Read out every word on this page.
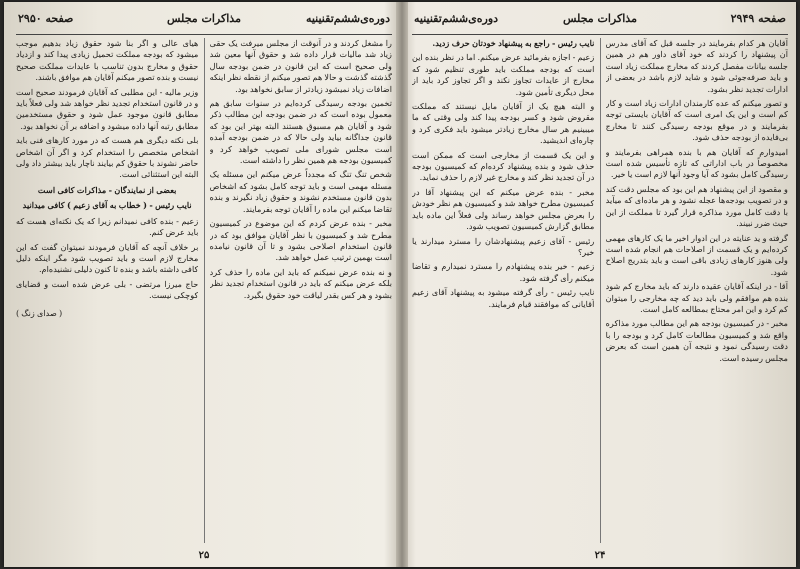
دوره‌ی‌ششم‌تقنینیه
مذاکرات مجلس
صفحه ۲۹۵۰

را مشغل کردند و در آنوقت از مجلس میرفت یک حقی زیاد شد مالیات قرار داده شد و حقوق آنها معین شد ولی صحیح است که این قانون در ضمن بودجه سال گذشته گذشت و حالا هم تصور میکنم از نقطه نظر اینکه اضافات زیاد نمیشود زیادتر از سابق نخواهد بود.

تخمین بودجه رسیدگی کرده‌ایم در سنوات سابق هم معمول بوده است که در ضمن بودجه این مطالب ذکر شود و آقایان هم مسبوق هستند البته بهتر این بود که قانون جداگانه بیاید ولی حالا که در ضمن بودجه آمده است مجلس شورای ملی تصویب خواهد کرد و کمیسیون بودجه هم همین نظر را داشته است.

شخص تنگ تنگ که مجدداً عرض میکنم این مسئله یک مسئله مهمی است و باید توجه کامل بشود که اشخاص بدون قانون مستخدم نشوند و حقوق زیاد نگیرند و بنده تقاضا میکنم این ماده را آقایان توجه بفرمایند.

مخبر - بنده عرض کردم که این موضوع در کمیسیون مطرح شد و کمیسیون با نظر آقایان موافق بود که در قانون استخدام اصلاحی بشود و تا آن قانون نیامده است بهمین ترتیب عمل خواهد شد.

و نه بنده عرض نمیکنم که باید این ماده را حذف کرد بلکه عرض میکنم که باید در قانون استخدام تجدید نظر بشود و هر کس بقدر لیاقت خود حقوق بگیرد.

هیای عالی و اگر بنا شود حقوق زیاد بدهیم موجب میشود که بودجه مملکت تحمیل زیادی پیدا کند و ازدیاد حقوق و مخارج بدون تناسب با عایدات مملکت صحیح نیست و بنده تصور میکنم آقایان هم موافق باشند.

وزیر مالیه - این مطلبی که آقایان فرمودند صحیح است و در قانون استخدام تجدید نظر خواهد شد ولی فعلاً باید مطابق قانون موجود عمل شود و حقوق مستخدمین مطابق رتبه آنها داده میشود و اضافه بر آن نخواهد بود.

بلی نکته دیگری هم هست که در مورد کارهای فنی باید اشخاص متخصص را استخدام کرد و اگر آن اشخاص حاضر نشوند با حقوق کم بیایند ناچار باید بیشتر داد ولی البته این استثنائی است.

بعضی از نمایندگان - مذاکرات کافی است

نایب رئیس - ( خطاب به آقای زعیم ) کافی میدانید

زعیم - بنده کافی نمیدانم زیرا که یک نکته‌ای هست که باید عرض کنم.

بر خلاف آنچه که آقایان فرمودند نمیتوان گفت که این مخارج لازم است و باید تصویب شود مگر اینکه دلیل کافی داشته باشد و بنده تا کنون دلیلی نشنیده‌ام.

حاج میرزا مرتضی - بلی عرض شده است و قضایای کوچکی نیست.

( صدای زنگ )

۲۵
دوره‌ی‌ششم‌تقنینیه	مذاکرات مجلس	صفحه ۲۹۴۹

آقایان هر کدام بفرمایند در جلسه قبل که آقای مدرس آن پیشنهاد را کردند که خود آقای داور هم در همین جلسه بیانات مفصل کردند که مخارج مملکت زیاد است و باید صرفه‌جوئی شود و شاید لازم باشد در بعضی از ادارات تجدید نظر بشود.

و تصور میکنم که عده کارمندان ادارات زیاد است و کار کم است و این یک امری است که آقایان بایستی توجه بفرمایند و در موقع بودجه رسیدگی کنند تا مخارج بی‌فایده از بودجه حذف شود.

امیدوارم که آقایان هم با بنده همراهی بفرمایند و مخصوصاً در باب اداراتی که تازه تأسیس شده است رسیدگی کامل بشود که آیا وجود آنها لازم است یا خیر.

و مقصود از این پیشنهاد هم این بود که مجلس دقت کند و در تصویب بودجه‌ها عجله نشود و هر ماده‌ای که میآید با دقت کامل مورد مذاکره قرار گیرد تا مملکت از این حیث ضرر نبیند.

گرفته و ید عنایته در این ادوار اخیر ما یک کارهای مهمی کرده‌ایم و یک قسمت از اصلاحات هم انجام شده است ولی هنوز کارهای زیادی باقی است و باید بتدریج اصلاح شود.

آقا - در اینکه آقایان عقیده دارند که باید مخارج کم شود بنده هم موافقم ولی باید دید که چه مخارجی را میتوان کم کرد و این امر محتاج بمطالعه کامل است.

مخبر - در کمیسیون بودجه هم این مطالب مورد مذاکره واقع شد و کمیسیون مطالعات کامل کرد و بودجه را با دقت رسیدگی نمود و نتیجه آن همین است که بعرض مجلس رسیده است.

نایب رئیس - راجع به پیشنهاد خودتان حرف زدید.

زعیم - اجازه بفرمائید عرض میکنم. اما در نظر بنده این است که بودجه مملکت باید طوری تنظیم شود که مخارج از عایدات تجاوز نکند و اگر تجاوز کرد باید از محل دیگری تأمین شود.

و البته هیچ یک از آقایان مایل نیستند که مملکت مقروض شود و کسر بودجه پیدا کند ولی وقتی که ما میبینیم هر سال مخارج زیادتر میشود باید فکری کرد و چاره‌ای اندیشید.

و این یک قسمت از مخارجی است که ممکن است حذف شود و بنده پیشنهاد کرده‌ام که کمیسیون بودجه در آن تجدید نظر کند و مخارج غیر لازم را حذف نماید.

مخبر - بنده عرض میکنم که این پیشنهاد آقا در کمیسیون مطرح خواهد شد و کمیسیون هم نظر خودش را بعرض مجلس خواهد رساند ولی فعلاً این ماده باید مطابق گزارش کمیسیون تصویب شود.

رئیس - آقای زعیم پیشنهادشان را مسترد میدارند یا خیر؟

زعیم - خیر بنده پیشنهادم را مسترد نمیدارم و تقاضا میکنم رأی گرفته شود.

نایب رئیس - رأی گرفته میشود به پیشنهاد آقای زعیم آقایانی که موافقند قیام فرمایند.

۲۴
